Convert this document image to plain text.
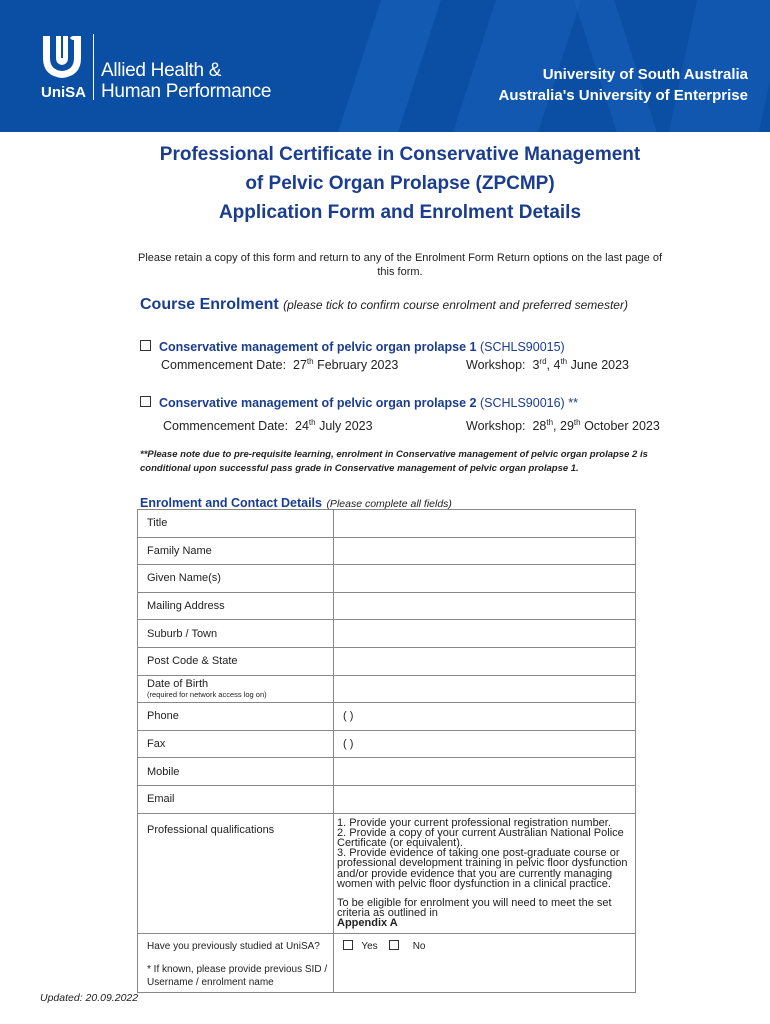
UniSA
Allied Health &
Human Performance
University of South Australia
Australia's University of Enterprise
Professional Certificate in Conservative Management
of Pelvic Organ Prolapse (ZPCMP)
Application Form and Enrolment Details
Please retain a copy of this form and return to any of the Enrolment Form Return options on the last page of this form.
Course Enrolment (please tick to confirm course enrolment and preferred semester)
Conservative management of pelvic organ prolapse 1 (SCHLS90015)
Commencement Date: 27th February 2023	Workshop: 3rd, 4th June 2023
Conservative management of pelvic organ prolapse 2 (SCHLS90016) **
Commencement Date: 24th July 2023	Workshop: 28th, 29th October 2023
**Please note due to pre-requisite learning, enrolment in Conservative management of pelvic organ prolapse 2 is conditional upon successful pass grade in Conservative management of pelvic organ prolapse 1.
Enrolment and Contact Details (Please complete all fields)
Title	
Family Name	
Given Name(s)	
Mailing Address	
Suburb / Town	
Post Code & State	
Date of Birth
(required for network access log on)	

Phone	( )
Fax	( )
Mobile	
Email	
Professional qualifications	1. Provide your current professional registration number.
2. Provide a copy of your current Australian National Police Certificate (or equivalent).
3. Provide evidence of taking one post-graduate course or professional development training in pelvic floor dysfunction and/or provide evidence that you are currently managing women with pelvic floor dysfunction in a clinical practice.
To be eligible for enrolment you will need to meet the set criteria as outlined in
Appendix A

Have you previously studied at UniSA?
* If known, please provide previous SID / Username / enrolment name	Yes No
Updated: 20.09.2022
